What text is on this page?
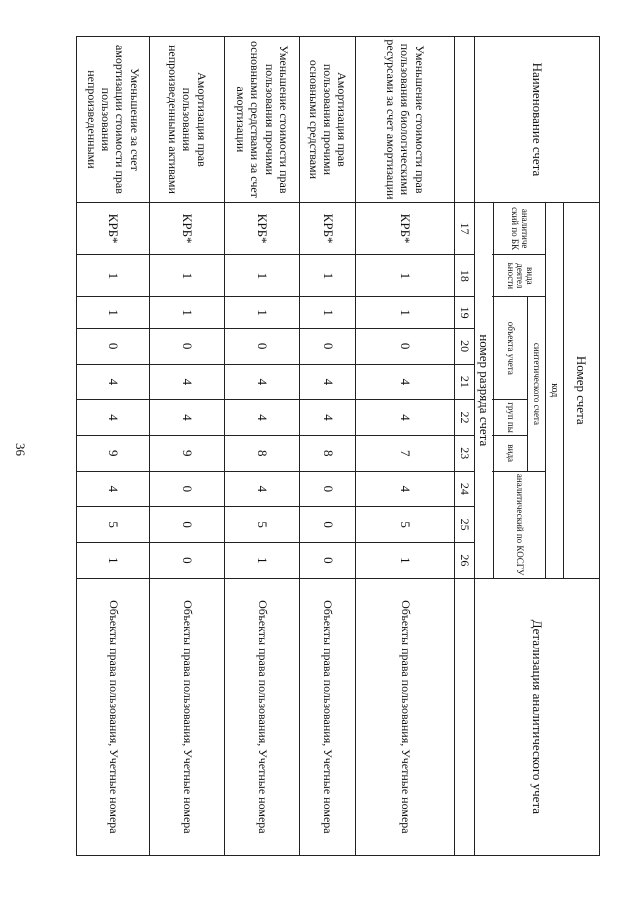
36
Наименование счета	Номер счета										Детализация аналитического учета
	код										
	аналитиче ский по БК	вида деятел ьности	синтетического счета					аналитический по КОСГУ			
			объекта учета			груп пы	вида				

	номер разряда счета										
	17	18	19	20	21	22	23	24	25	26	
Уменьшение стоимости прав пользования биологическими ресурсами за счет амортизации	КРБ*	1	1	0	4	4	7	4	5	1	Объекты права пользования, Учетные номера
Амортизация прав пользования прочими основными средствами	КРБ*	1	1	0	4	4	8	0	0	0	Объекты права пользования, Учетные номера
Уменьшение стоимости прав пользования прочими основными средствами за счет амортизации	КРБ*	1	1	0	4	4	8	4	5	1	Объекты права пользования, Учетные номера
Амортизация прав пользования непроизведенными активами	КРБ*	1	1	0	4	4	9	0	0	0	Объекты права пользования, Учетные номера
Уменьшение за счет амортизации стоимости прав пользования непроизведенными	КРБ*	1	1	0	4	4	9	4	5	1	Объекты права пользования, Учетные номера
